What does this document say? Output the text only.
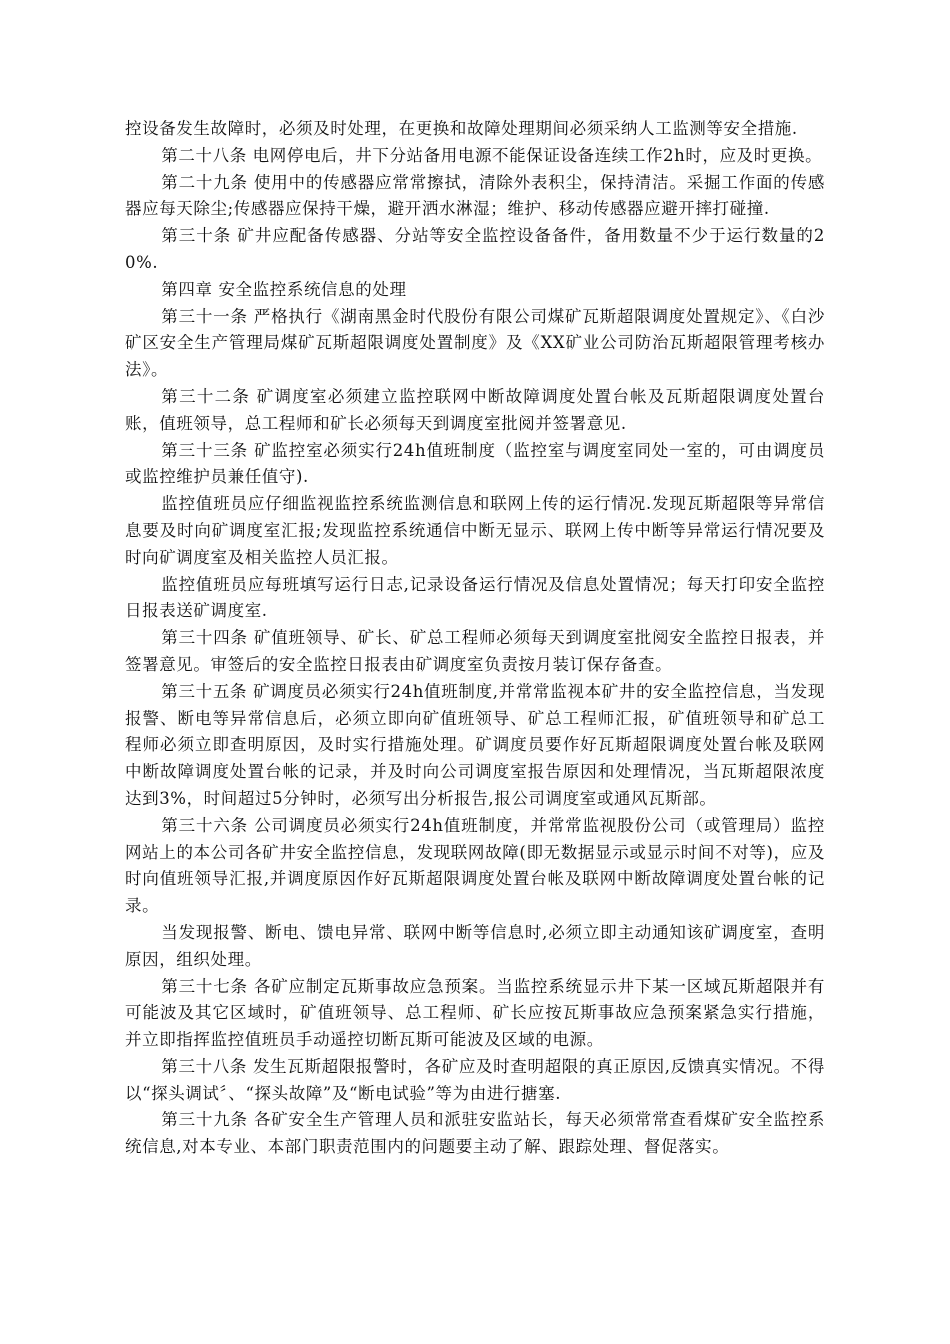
控设备发生故障时，必须及时处理，在更换和故障处理期间必须采纳人工监测等安全措施.

第二十八条 电网停电后，井下分站备用电源不能保证设备连续工作2h时，应及时更换。

第二十九条 使用中的传感器应常常擦拭，清除外表积尘，保持清洁。采掘工作面的传感器应每天除尘;传感器应保持干燥，避开洒水淋湿；维护、移动传感器应避开摔打碰撞.

第三十条 矿井应配备传感器、分站等安全监控设备备件，备用数量不少于运行数量的20%.

第四章 安全监控系统信息的处理

第三十一条 严格执行《湖南黑金时代股份有限公司煤矿瓦斯超限调度处置规定》、《白沙矿区安全生产管理局煤矿瓦斯超限调度处置制度》及《XX矿业公司防治瓦斯超限管理考核办法》。

第三十二条 矿调度室必须建立监控联网中断故障调度处置台帐及瓦斯超限调度处置台账，值班领导，总工程师和矿长必须每天到调度室批阅并签署意见.

第三十三条 矿监控室必须实行24h值班制度（监控室与调度室同处一室的，可由调度员或监控维护员兼任值守).

监控值班员应仔细监视监控系统监测信息和联网上传的运行情况.发现瓦斯超限等异常信息要及时向矿调度室汇报;发现监控系统通信中断无显示、联网上传中断等异常运行情况要及时向矿调度室及相关监控人员汇报。

监控值班员应每班填写运行日志,记录设备运行情况及信息处置情况；每天打印安全监控日报表送矿调度室.

第三十四条 矿值班领导、矿长、矿总工程师必须每天到调度室批阅安全监控日报表，并签署意见。审签后的安全监控日报表由矿调度室负责按月装订保存备查。

第三十五条 矿调度员必须实行24h值班制度,并常常监视本矿井的安全监控信息，当发现报警、断电等异常信息后，必须立即向矿值班领导、矿总工程师汇报，矿值班领导和矿总工程师必须立即查明原因，及时实行措施处理。矿调度员要作好瓦斯超限调度处置台帐及联网中断故障调度处置台帐的记录，并及时向公司调度室报告原因和处理情况，当瓦斯超限浓度达到3%，时间超过5分钟时，必须写出分析报告,报公司调度室或通风瓦斯部。

第三十六条 公司调度员必须实行24h值班制度，并常常监视股份公司（或管理局）监控网站上的本公司各矿井安全监控信息，发现联网故障(即无数据显示或显示时间不对等)，应及时向值班领导汇报,并调度原因作好瓦斯超限调度处置台帐及联网中断故障调度处置台帐的记录。

当发现报警、断电、馈电异常、联网中断等信息时,必须立即主动通知该矿调度室，查明原因，组织处理。

第三十七条 各矿应制定瓦斯事故应急预案。当监控系统显示井下某一区域瓦斯超限并有可能波及其它区域时，矿值班领导、总工程师、矿长应按瓦斯事故应急预案紧急实行措施，并立即指挥监控值班员手动遥控切断瓦斯可能波及区域的电源。

第三十八条 发生瓦斯超限报警时，各矿应及时查明超限的真正原因,反馈真实情况。不得以“探头调试〞、“探头故障”及“断电试验”等为由进行搪塞.

第三十九条 各矿安全生产管理人员和派驻安监站长，每天必须常常查看煤矿安全监控系统信息,对本专业、本部门职责范围内的问题要主动了解、跟踪处理、督促落实。
